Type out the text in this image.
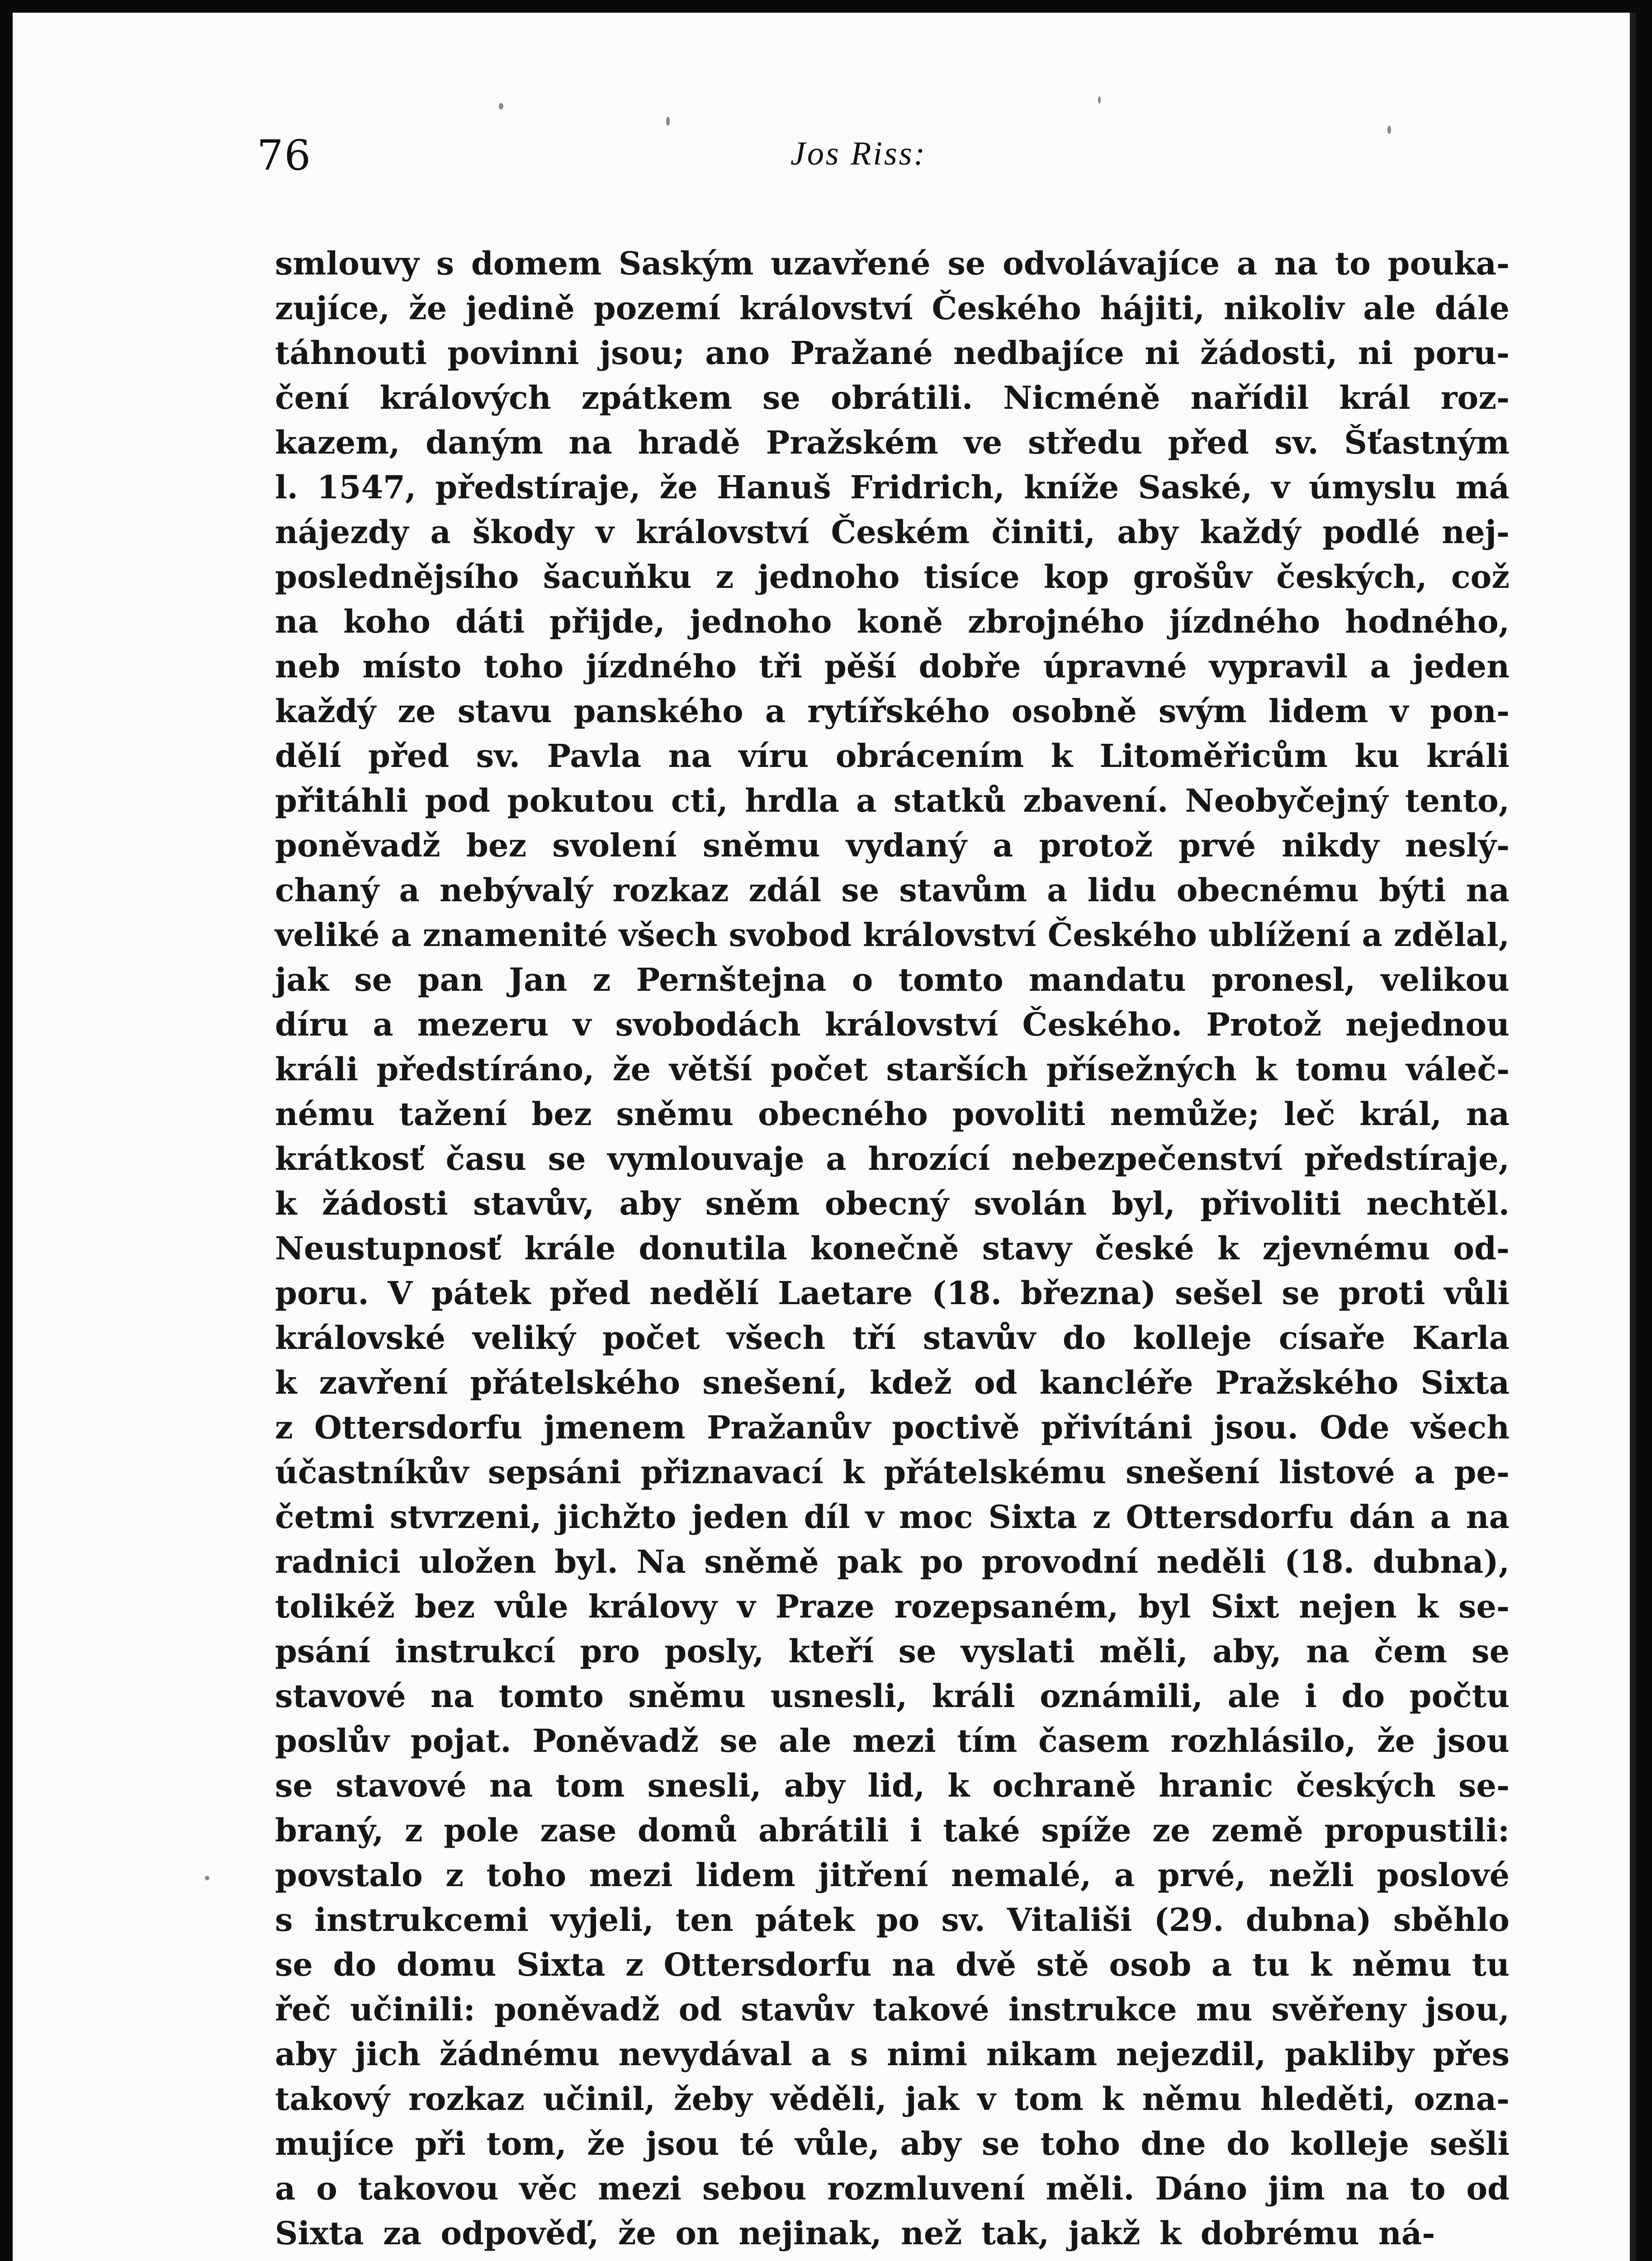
76	Jos Riss:
smlouvy s domem Saským uzavřené se odvolávajíce a na to pouka-
zujíce, že jedině pozemí království Českého hájiti, nikoliv ale dále
táhnouti povinni jsou; ano Pražané nedbajíce ni žádosti, ni poru-
čení králových zpátkem se obrátili. Nicméně nařídil král roz-
kazem, daným na hradě Pražském ve středu před sv. Šťastným
l. 1547, předstíraje, že Hanuš Fridrich, kníže Saské, v úmyslu má
nájezdy a škody v království Českém činiti, aby každý podlé nej-
poslednějsího šacuňku z jednoho tisíce kop grošův českých, což
na koho dáti přijde, jednoho koně zbrojného jízdného hodného,
neb místo toho jízdného tři pěší dobře úpravné vypravil a jeden
každý ze stavu panského a rytířského osobně svým lidem v pon-
dělí před sv. Pavla na víru obrácením k Litoměřicům ku králi
přitáhli pod pokutou cti, hrdla a statků zbavení. Neobyčejný tento,
poněvadž bez svolení sněmu vydaný a protož prvé nikdy neslý-
chaný a nebývalý rozkaz zdál se stavům a lidu obecnému býti na
veliké a znamenité všech svobod království Českého ublížení a zdělal,
jak se pan Jan z Pernštejna o tomto mandatu pronesl, velikou
díru a mezeru v svobodách království Českého. Protož nejednou
králi předstíráno, že větší počet starších přísežných k tomu váleč-
nému tažení bez sněmu obecného povoliti nemůže; leč král, na
krátkosť času se vymlouvaje a hrozící nebezpečenství předstíraje,
k žádosti stavův, aby sněm obecný svolán byl, přivoliti nechtěl.
Neustupnosť krále donutila konečně stavy české k zjevnému od-
poru. V pátek před nedělí Laetare (18. března) sešel se proti vůli
královské veliký počet všech tří stavův do kolleje císaře Karla
k zavření přátelského snešení, kdež od kancléře Pražského Sixta
z Ottersdorfu jmenem Pražanův poctivě přivítáni jsou. Ode všech
účastníkův sepsáni přiznavací k přátelskému snešení listové a pe-
četmi stvrzeni, jichžto jeden díl v moc Sixta z Ottersdorfu dán a na
radnici uložen byl. Na sněmě pak po provodní neděli (18. dubna),
tolikéž bez vůle královy v Praze rozepsaném, byl Sixt nejen k se-
psání instrukcí pro posly, kteří se vyslati měli, aby, na čem se
stavové na tomto sněmu usnesli, králi oznámili, ale i do počtu
poslův pojat. Poněvadž se ale mezi tím časem rozhlásilo, že jsou
se stavové na tom snesli, aby lid, k ochraně hranic českých se-
braný, z pole zase domů abrátili i také spíže ze země propustili:
povstalo z toho mezi lidem jitření nemalé, a prvé, nežli poslové
s instrukcemi vyjeli, ten pátek po sv. Vitališi (29. dubna) sběhlo
se do domu Sixta z Ottersdorfu na dvě stě osob a tu k němu tu
řeč učinili: poněvadž od stavův takové instrukce mu svěřeny jsou,
aby jich žádnému nevydával a s nimi nikam nejezdil, pakliby přes
takový rozkaz učinil, žeby věděli, jak v tom k němu hleděti, ozna-
mujíce při tom, že jsou té vůle, aby se toho dne do kolleje sešli
a o takovou věc mezi sebou rozmluvení měli. Dáno jim na to od
Sixta za odpověď, že on nejinak, než tak, jakž k dobrému ná-
